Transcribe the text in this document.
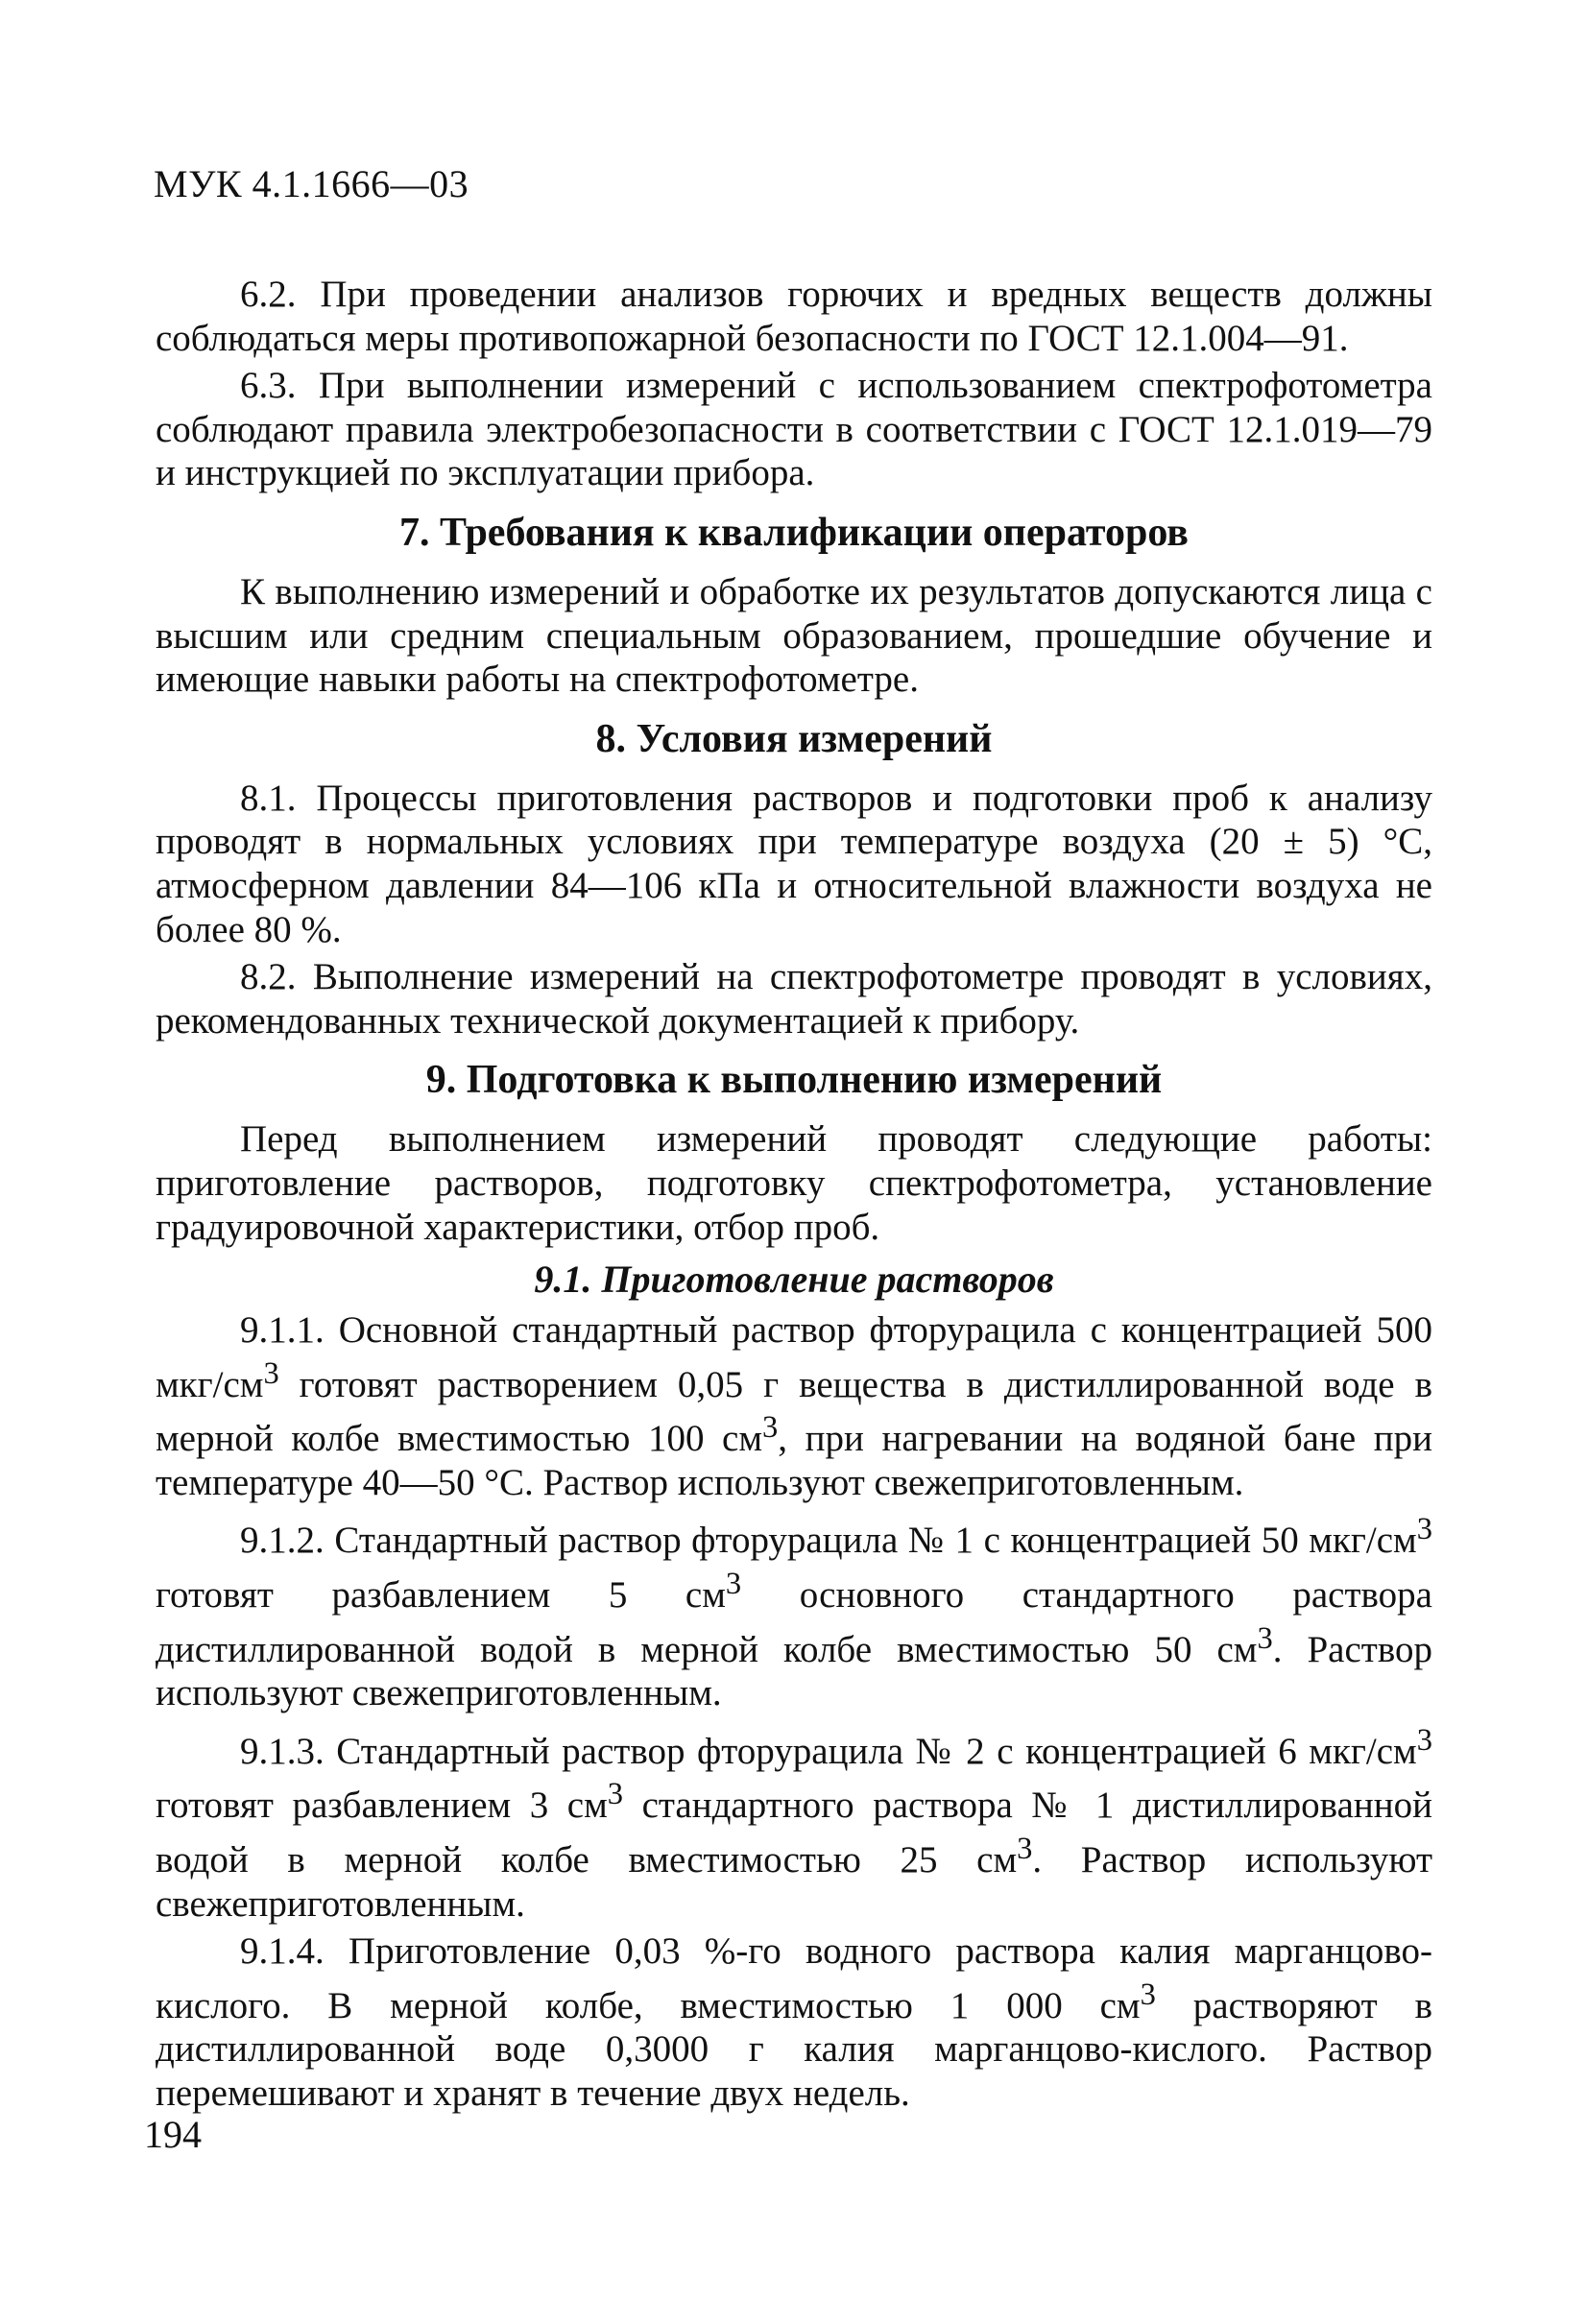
МУК 4.1.1666—03

6.2. При проведении анализов горючих и вредных веществ должны соблюдаться меры противопожарной безопасности по ГОСТ 12.1.004—91.

6.3. При выполнении измерений с использованием спектрофотометра соблюдают правила электробезопасности в соответствии с ГОСТ 12.1.019—79 и инструкцией по эксплуатации прибора.

7. Требования к квалификации операторов

К выполнению измерений и обработке их результатов допускаются лица с высшим или средним специальным образованием, прошедшие обучение и имеющие навыки работы на спектрофотометре.

8. Условия измерений

8.1. Процессы приготовления растворов и подготовки проб к анализу проводят в нормальных условиях при температуре воздуха (20 ± 5) °С, атмосферном давлении 84—106 кПа и относительной влажности воздуха не более 80 %.

8.2. Выполнение измерений на спектрофотометре проводят в условиях, рекомендованных технической документацией к прибору.

9. Подготовка к выполнению измерений

Перед выполнением измерений проводят следующие работы: приготовление растворов, подготовку спектрофотометра, установление градуировочной характеристики, отбор проб.

9.1. Приготовление растворов

9.1.1. Основной стандартный раствор фторурацила с концентрацией 500 мкг/$см^3$ готовят растворением 0,05 г вещества в дистиллированной воде в мерной колбе вместимостью 100 $см^3$, при нагревании на водяной бане при температуре 40—50 °С. Раствор используют свежеприготовленным.

9.1.2. Стандартный раствор фторурацила № 1 с концентрацией 50 мкг/$см^3$ готовят разбавлением 5 $см^3$ основного стандартного раствора дистиллированной водой в мерной колбе вместимостью 50 $см^3$. Раствор используют свежеприготовленным.

9.1.3. Стандартный раствор фторурацила № 2 с концентрацией 6 мкг/$см^3$ готовят разбавлением 3 $см^3$ стандартного раствора № 1 дистиллированной водой в мерной колбе вместимостью 25 $см^3$. Раствор используют свежеприготовленным.

9.1.4. Приготовление 0,03 %-го водного раствора калия марганцово-кислого. В мерной колбе, вместимостью 1 000 $см^3$ растворяют в дистиллированной воде 0,3000 г калия марганцово-кислого. Раствор перемешивают и хранят в течение двух недель.

194
